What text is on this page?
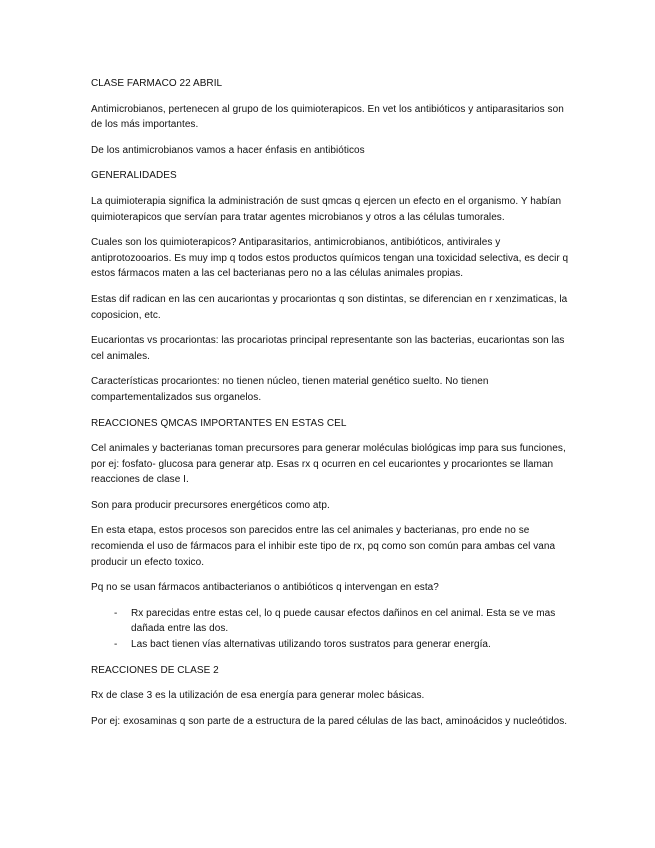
CLASE FARMACO 22 ABRIL

Antimicrobianos, pertenecen al grupo de los quimioterapicos. En vet los antibióticos y antiparasitarios son de los más importantes.

De los antimicrobianos vamos a hacer énfasis en antibióticos

GENERALIDADES

La quimioterapia significa la administración de sust qmcas q ejercen un efecto en el organismo. Y habían quimioterapicos que servían para tratar agentes microbianos y otros a las células tumorales.

Cuales son los quimioterapicos? Antiparasitarios, antimicrobianos, antibióticos, antivirales y antiprotozooarios. Es muy imp q todos estos productos químicos tengan una toxicidad selectiva, es decir q estos fármacos maten a las cel bacterianas pero no a las células animales propias.

Estas dif radican en las cen aucariontas y procariontas q son distintas, se diferencian en r xenzimaticas, la coposicion, etc.

Eucariontas vs procariontas: las procariotas principal representante son las bacterias, eucariontas son las cel animales.

Características procariontes: no tienen núcleo, tienen material genético suelto. No tienen compartementalizados sus organelos.

REACCIONES QMCAS IMPORTANTES EN ESTAS CEL

Cel animales y bacterianas toman precursores para generar moléculas biológicas imp para sus funciones, por ej: fosfato- glucosa para generar atp. Esas rx q ocurren en cel eucariontes y procariontes se llaman reacciones de clase I.

Son para producir precursores energéticos como atp.

En esta etapa, estos procesos son parecidos entre las cel animales y bacterianas, pro ende no se recomienda el uso de fármacos para el inhibir este tipo de rx, pq como son común para ambas cel vana producir un efecto toxico.

Pq no se usan fármacos antibacterianos o antibióticos q intervengan en esta?

- Rx parecidas entre estas cel, lo q puede causar efectos dañinos en cel animal. Esta se ve mas dañada entre las dos.
- Las bact tienen vías alternativas utilizando toros sustratos para generar energía.

REACCIONES DE CLASE 2

Rx de clase 3 es la utilización de esa energía para generar molec básicas.

Por ej: exosaminas q son parte de a estructura de la pared células de las bact, aminoácidos y nucleótidos.
